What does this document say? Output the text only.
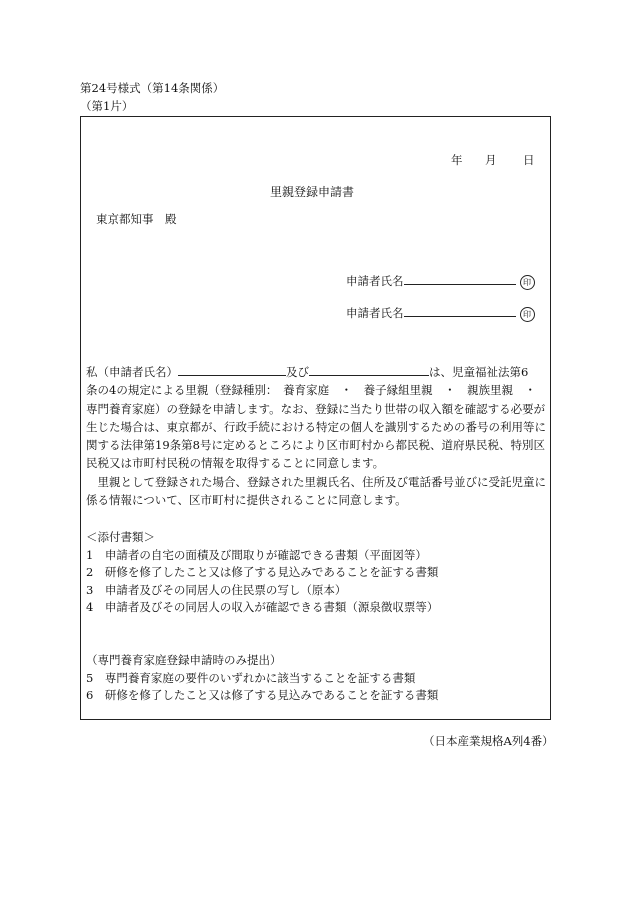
第24号様式（第14条関係）
（第1片）
年 月 日
里親登録申請書
東京都知事　殿
申請者氏名	印
申請者氏名	印
私（申請者氏名）	及び	は、児童福祉法第6
条の4の規定による里親（登録種別：　養育家庭　・　養子縁組里親　・　親族里親　・
専門養育家庭）の登録を申請します。なお、登録に当たり世帯の収入額を確認する必要が
生じた場合は、東京都が、行政手続における特定の個人を識別するための番号の利用等に
関する法律第19条第8号に定めるところにより区市町村から都民税、道府県民税、特別区
民税又は市町村民税の情報を取得することに同意します。
　里親として登録された場合、登録された里親氏名、住所及び電話番号並びに受託児童に
係る情報について、区市町村に提供されることに同意します。
＜添付書類＞
1　申請者の自宅の面積及び間取りが確認できる書類（平面図等）
2　研修を修了したこと又は修了する見込みであることを証する書類
3　申請者及びその同居人の住民票の写し（原本）
4　申請者及びその同居人の収入が確認できる書類（源泉徴収票等）
（専門養育家庭登録申請時のみ提出）
5　専門養育家庭の要件のいずれかに該当することを証する書類
6　研修を修了したこと又は修了する見込みであることを証する書類
（日本産業規格A列4番）
